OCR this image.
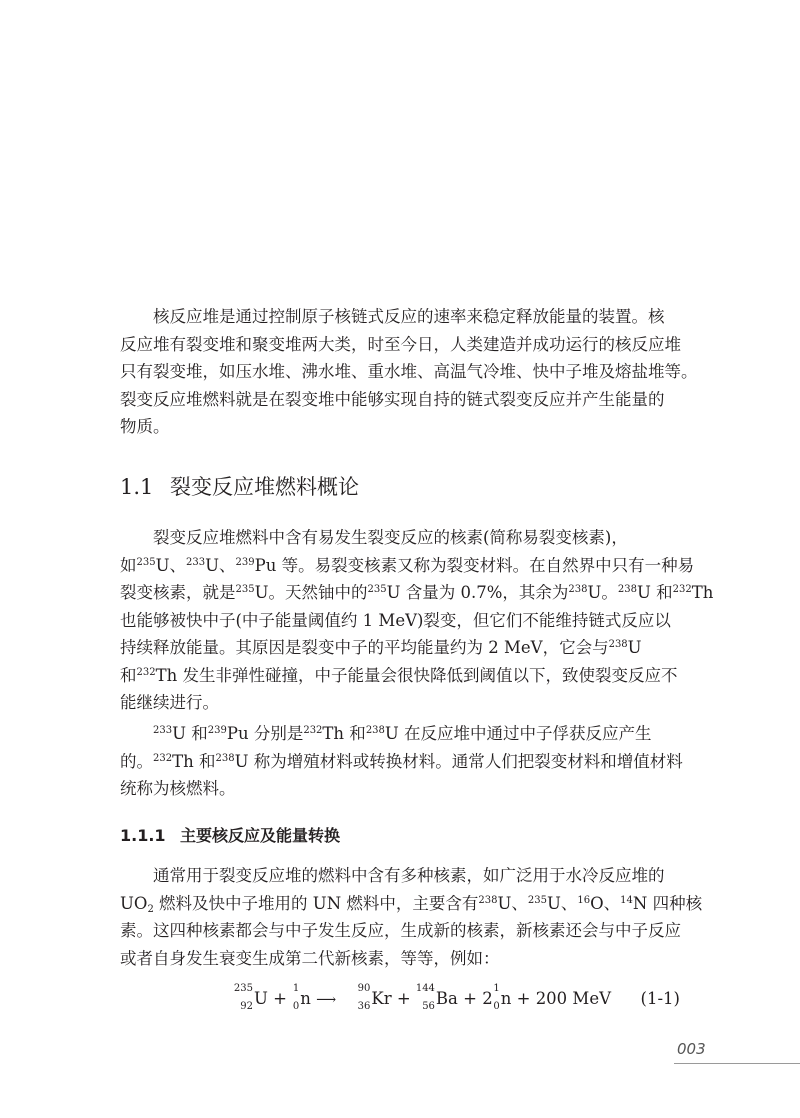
核反应堆是通过控制原子核链式反应的速率来稳定释放能量的装置。核
反应堆有裂变堆和聚变堆两大类，时至今日，人类建造并成功运行的核反应堆
只有裂变堆，如压水堆、沸水堆、重水堆、高温气冷堆、快中子堆及熔盐堆等。
裂变反应堆燃料就是在裂变堆中能够实现自持的链式裂变反应并产生能量的
物质。

1.1 裂变反应堆燃料概论

裂变反应堆燃料中含有易发生裂变反应的核素(简称易裂变核素)，
如$^{235}$U、$^{233}$U、$^{239}$Pu 等。易裂变核素又称为裂变材料。在自然界中只有一种易
裂变核素，就是$^{235}$U。天然铀中的$^{235}$U 含量为 0.7%，其余为$^{238}$U。$^{238}$U 和$^{232}$Th
也能够被快中子(中子能量阈值约 1 MeV)裂变，但它们不能维持链式反应以
持续释放能量。其原因是裂变中子的平均能量约为 2 MeV，它会与$^{238}$U
和$^{232}$Th 发生非弹性碰撞，中子能量会很快降低到阈值以下，致使裂变反应不
能继续进行。

$^{233}$U 和$^{239}$Pu 分别是$^{232}$Th 和$^{238}$U 在反应堆中通过中子俘获反应产生
的。$^{232}$Th 和$^{238}$U 称为增殖材料或转换材料。通常人们把裂变材料和增值材料
统称为核燃料。

1.1.1 主要核反应及能量转换

通常用于裂变反应堆的燃料中含有多种核素，如广泛用于水冷反应堆的
$UO_2$ 燃料及快中子堆用的 UN 燃料中，主要含有$^{238}$U、$^{235}$U、$^{16}$O、$^{14}$N 四种核
素。这四种核素都会与中子发生反应，生成新的核素，新核素还会与中子反应
或者自身发生衰变生成第二代新核素，等等，例如：

235
92 U +
1
0 n ⟶
90
36 Kr +
144
56 Ba + 2
1
0 n + 200 MeV (1-1)
003
